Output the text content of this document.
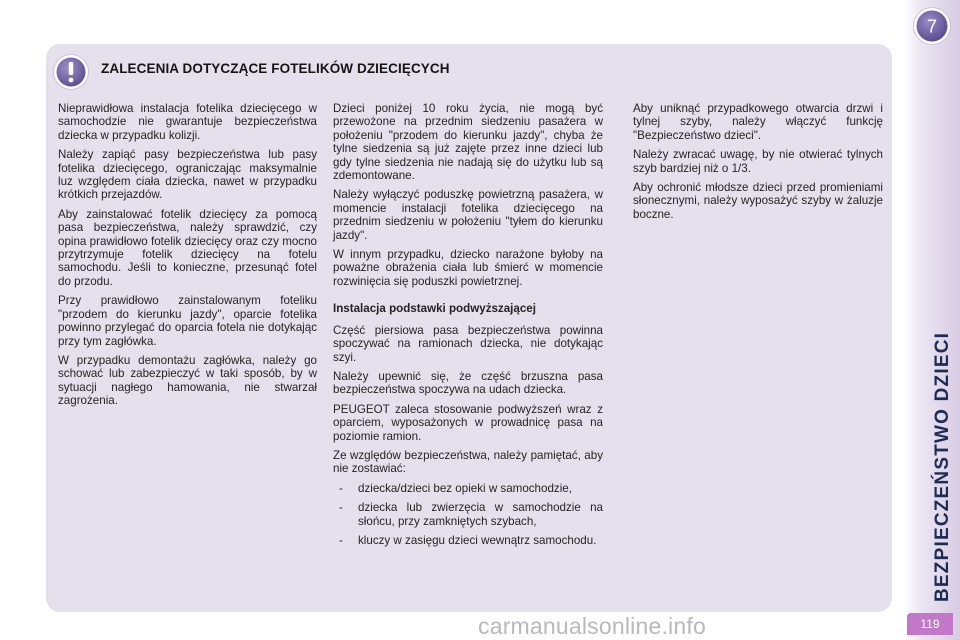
ZALECENIA DOTYCZĄCE FOTELIKÓW DZIECIĘCYCH

Nieprawidłowa instalacja fotelika dziecięcego w samochodzie nie gwarantuje bezpieczeństwa dziecka w przypadku kolizji.

Należy zapiąć pasy bezpieczeństwa lub pasy fotelika dziecięcego, ograniczając maksymalnie luz względem ciała dziecka, nawet w przypadku krótkich przejazdów.

Aby zainstalować fotelik dziecięcy za pomocą pasa bezpieczeństwa, należy sprawdzić, czy opina prawidłowo fotelik dziecięcy oraz czy mocno przytrzymuje fotelik dziecięcy na fotelu samochodu. Jeśli to konieczne, przesunąć fotel do przodu.

Przy prawidłowo zainstalowanym foteliku "przodem do kierunku jazdy", oparcie fotelika powinno przylegać do oparcia fotela nie dotykając przy tym zagłówka.

W przypadku demontażu zagłówka, należy go schować lub zabezpieczyć w taki sposób, by w sytuacji nagłego hamowania, nie stwarzał zagrożenia.

Dzieci poniżej 10 roku życia, nie mogą być przewożone na przednim siedzeniu pasażera w położeniu "przodem do kierunku jazdy", chyba że tylne siedzenia są już zajęte przez inne dzieci lub gdy tylne siedzenia nie nadają się do użytku lub są zdemontowane.

Należy wyłączyć poduszkę powietrzną pasażera, w momencie instalacji fotelika dziecięcego na przednim siedzeniu w położeniu "tyłem do kierunku jazdy".

W innym przypadku, dziecko narażone byłoby na poważne obrażenia ciała lub śmierć w momencie rozwinięcia się poduszki powietrznej.

Instalacja podstawki podwyższającej

Część piersiowa pasa bezpieczeństwa powinna spoczywać na ramionach dziecka, nie dotykając szyi.

Należy upewnić się, że część brzuszna pasa bezpieczeństwa spoczywa na udach dziecka.

PEUGEOT zaleca stosowanie podwyższeń wraz z oparciem, wyposażonych w prowadnicę pasa na poziomie ramion.

Ze względów bezpieczeństwa, należy pamiętać, aby nie zostawiać:

- dziecka/dzieci bez opieki w samochodzie,
- dziecka lub zwierzęcia w samochodzie na słońcu, przy zamkniętych szybach,
- kluczy w zasięgu dzieci wewnątrz samochodu.

Aby uniknąć przypadkowego otwarcia drzwi i tylnej szyby, należy włączyć funkcję "Bezpieczeństwo dzieci".

Należy zwracać uwagę, by nie otwierać tylnych szyb bardziej niż o 1/3.

Aby ochronić młodsze dzieci przed promieniami słonecznymi, należy wyposażyć szyby w żaluzje boczne.

7
BEZPIECZEŃSTWO DZIECI
119
carmanualsonline.info
